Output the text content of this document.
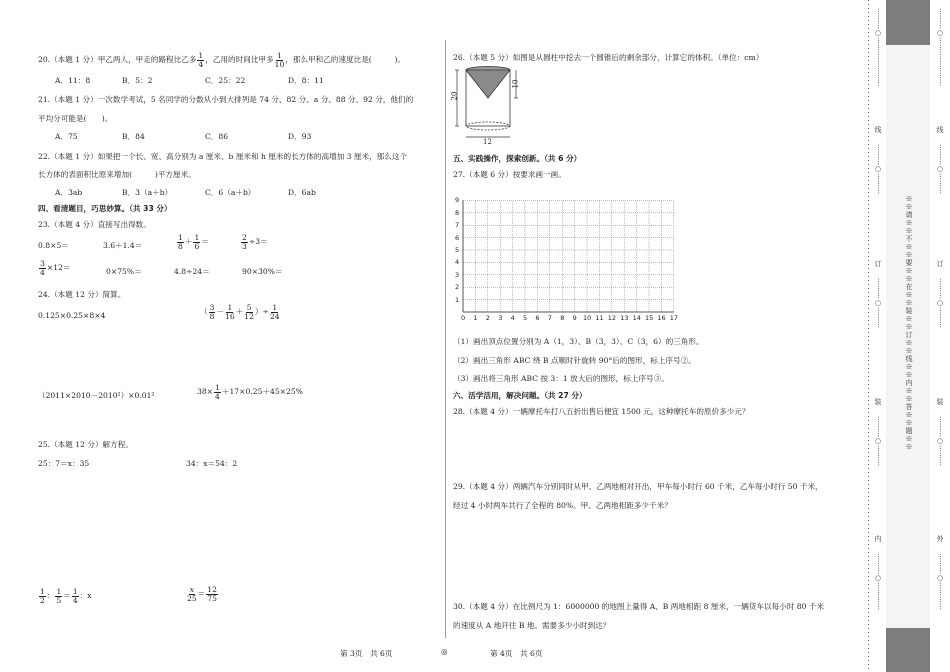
20.（本题 1 分）甲乙两人，甲走的路程比乙多 $\frac{1}{4}$ ，乙用的时间比甲多 $\frac{1}{10}$ ，那么甲和乙的速度比是(　　　)。
A．11：8	B．5：2	C．25：22	D．8：11
21.（本题 1 分）一次数学考试，5 名同学的分数从小到大排列是 74 分、82 分、a 分、88 分、92 分，他们的
平均分可能是(　　)。
A．75	B．84	C．86	D．93
22.（本题 1 分）如果把一个长、宽、高分别为 a 厘米、b 厘米和 h 厘米的长方体的高增加 3 厘米，那么这个
长方体的表面积比原来增加(　　　)平方厘米。
A．3ab	B．3（a＋b）	C．6（a＋b）	D．6ab
四、看清题目，巧思妙算。（共 33 分）
23.（本题 4 分）直接写出得数。
0.8×5＝	3.6＋1.4＝	$\frac{1}{8} + \frac{1}{6}$ ＝	$\frac{2}{3} \div 3=$
$\frac{3}{4} \times 12=$	0×75%＝	4.8÷24＝	90×30%＝
24.（本题 12 分）简算。
0.125×0.25×8×4	（ $\frac{3}{8} - \frac{1}{16} + \frac{5}{12}$ ）÷ $\frac{1}{24}$
（2011×2010－2010²）×0.01²	$38\times \frac{1}{4} +17\times 0.25+45\times 25\%$
25.（本题 12 分）解方程。
25：7＝x：35	34：x＝54：2
$\frac{1}{2}$ ： $\frac{1}{5} = \frac{1}{4}$ ：x	$\frac{x}{25} = \frac{12}{75}$
26.（本题 5 分）如图是从圆柱中挖去一个圆锥后的剩余部分，计算它的体积。（单位：cm）
20
10
12
五、实践操作，探索创新。（共 6 分）
27.（本题 6 分）按要求画一画。
0 1 2 3 4 5 6 7 8 9 10 11 12 13 14 15 16 17
9
8
7
6
5
4
3
2
1
（1）画出顶点位置分别为 A（1，3）、B（3，3）、C（3，6）的三角形。
（2）画出三角形 ABC 绕 B 点顺时针旋转 90°后的图形，标上序号②。
（3）画出将三角形 ABC 按 3：1 放大后的图形，标上序号③。
六、活学活用，解决问题。（共 27 分）
28.（本题 4 分）一辆摩托车打八五折出售后便宜 1500 元，这种摩托车的原价多少元？
29.（本题 4 分）两辆汽车分别同时从甲、乙两地相对开出，甲车每小时行 60 千米，乙车每小时行 50 千米，
经过 4 小时两车共行了全程的 80%。甲、乙两地相距多少千米？
30.（本题 4 分）在比例尺为 1：6000000 的地图上量得 A、B 两地相距 8 厘米，一辆货车以每小时 80 千米
的速度从 A 地开往 B 地。需要多少小时到达？
第 3页　共 6页	◎	第 4页　共 6页
※※请※※不※※要※※在※※装※※订※※线※※内※※答※※题※※
⋯⋯⋯○⋯⋯⋯⋯⋯⋯⋯
线
⋯⋯⋯○⋯⋯⋯
订
⋯⋯⋯○⋯⋯⋯
装
⋯⋯⋯○⋯⋯⋯
内
⋯⋯⋯○⋯⋯⋯⋯
⋯⋯⋯○⋯⋯⋯⋯⋯⋯⋯
线
⋯⋯⋯○⋯⋯⋯
订
⋯⋯⋯○⋯⋯⋯
装
⋯⋯⋯○⋯⋯⋯
外
⋯⋯⋯○⋯⋯⋯⋯
